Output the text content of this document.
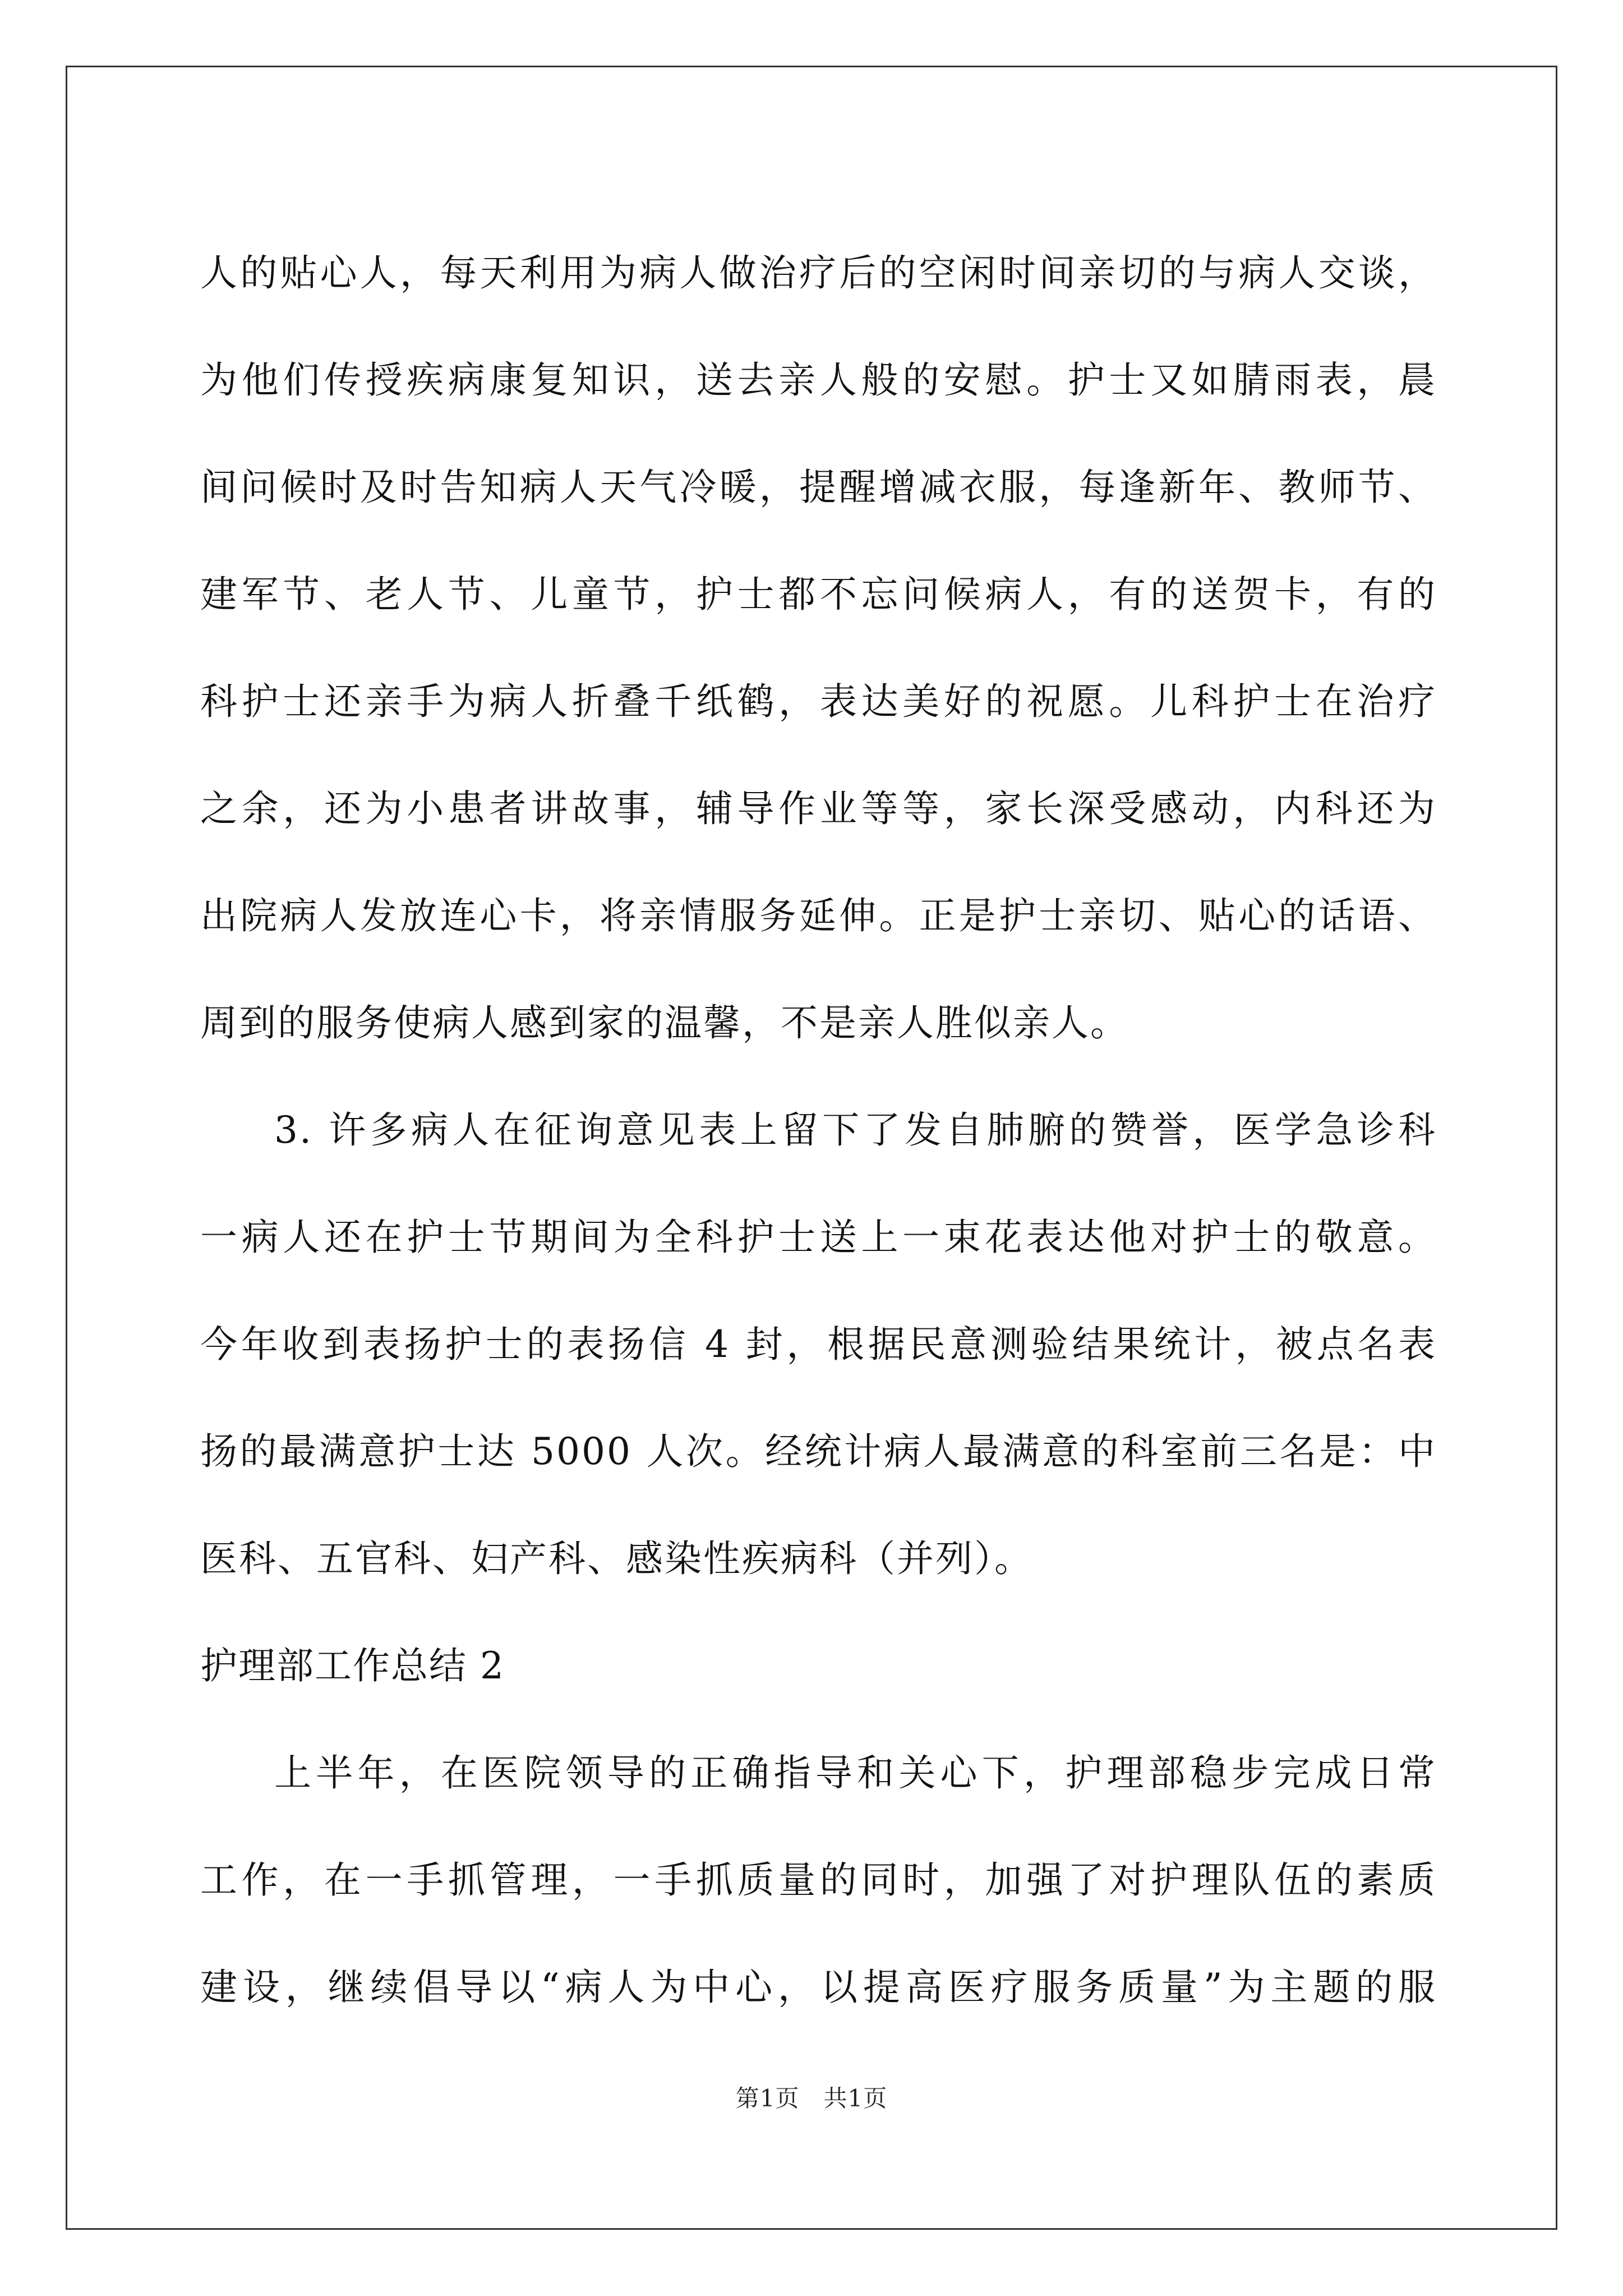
人的贴心人，每天利用为病人做治疗后的空闲时间亲切的与病人交谈，
为他们传授疾病康复知识，送去亲人般的安慰。护士又如腈雨表，晨
间问候时及时告知病人天气冷暖，提醒增减衣服，每逢新年、教师节、
建军节、老人节、儿童节，护士都不忘问候病人，有的送贺卡，有的
科护士还亲手为病人折叠千纸鹤，表达美好的祝愿。儿科护士在治疗
之余，还为小患者讲故事，辅导作业等等，家长深受感动，内科还为
出院病人发放连心卡，将亲情服务延伸。正是护士亲切、贴心的话语、
周到的服务使病人感到家的温馨，不是亲人胜似亲人。
3. 许多病人在征询意见表上留下了发自肺腑的赞誉，医学急诊科
一病人还在护士节期间为全科护士送上一束花表达他对护士的敬意。
今年收到表扬护士的表扬信 4 封，根据民意测验结果统计，被点名表
扬的最满意护士达 5000 人次。经统计病人最满意的科室前三名是：中
医科、五官科、妇产科、感染性疾病科（并列）。
护理部工作总结 2
上半年，在医院领导的正确指导和关心下，护理部稳步完成日常
工作，在一手抓管理，一手抓质量的同时，加强了对护理队伍的素质
建设，继续倡导以“病人为中心，以提高医疗服务质量”为主题的服
第1页　共1页
